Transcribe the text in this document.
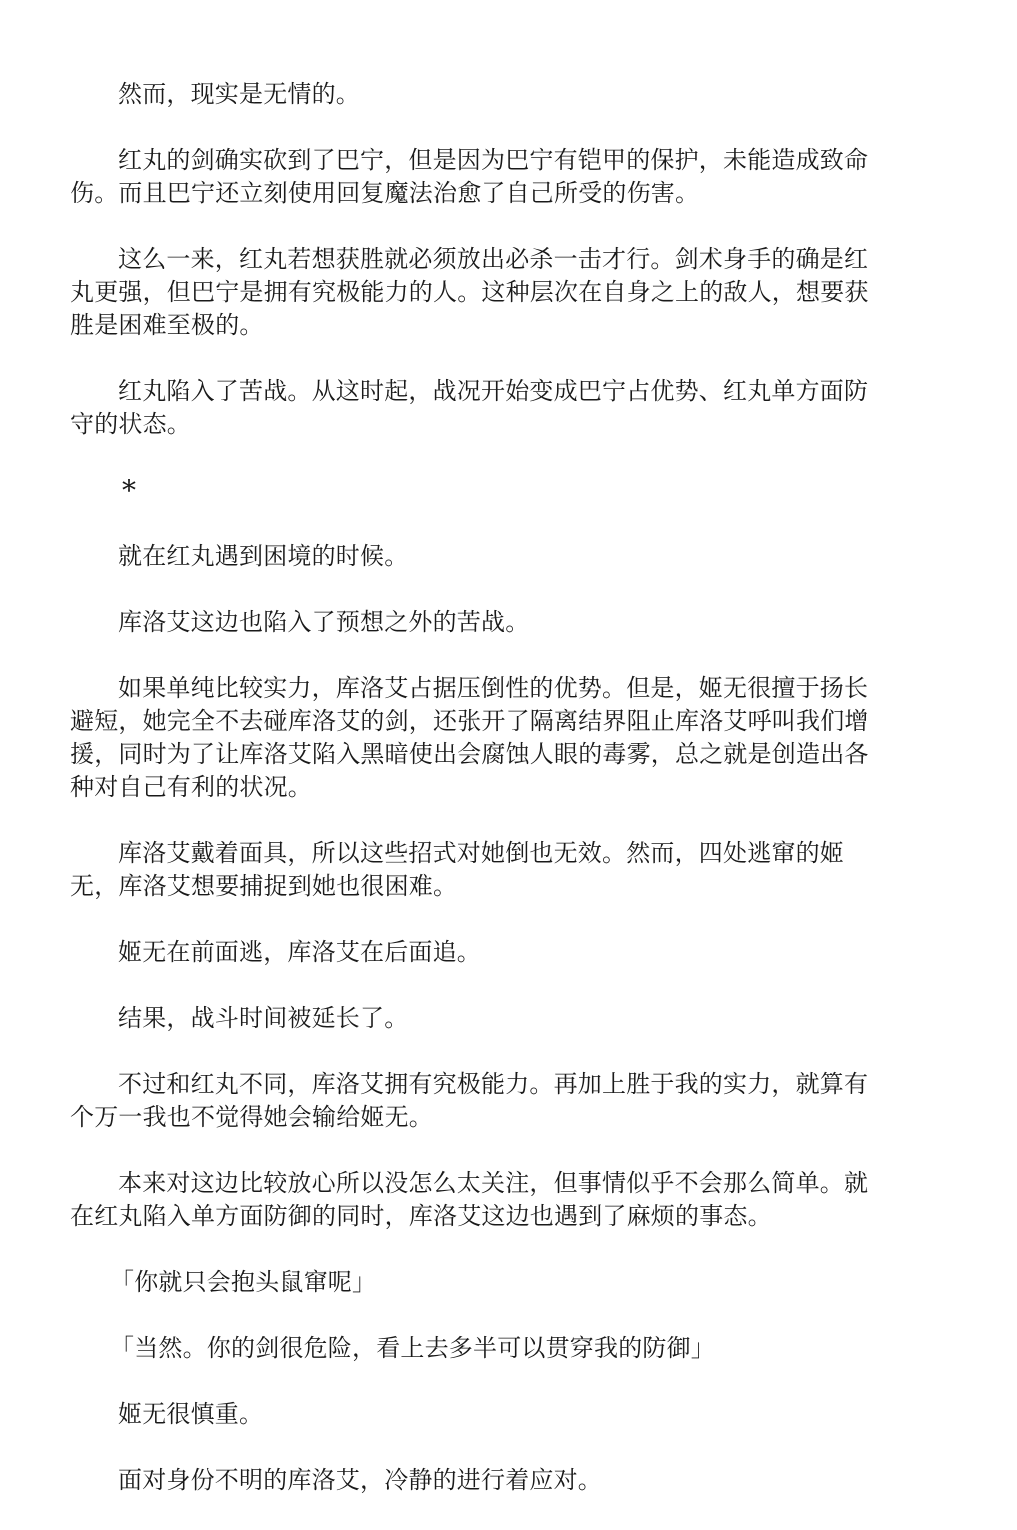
然而，现实是无情的。
红丸的剑确实砍到了巴宁，但是因为巴宁有铠甲的保护，未能造成致命
伤。而且巴宁还立刻使用回复魔法治愈了自己所受的伤害。
这么一来，红丸若想获胜就必须放出必杀一击才行。剑术身手的确是红
丸更强，但巴宁是拥有究极能力的人。这种层次在自身之上的敌人，想要获
胜是困难至极的。
红丸陷入了苦战。从这时起，战况开始变成巴宁占优势、红丸单方面防
守的状态。
*
就在红丸遇到困境的时候。
库洛艾这边也陷入了预想之外的苦战。
如果单纯比较实力，库洛艾占据压倒性的优势。但是，姬无很擅于扬长
避短，她完全不去碰库洛艾的剑，还张开了隔离结界阻止库洛艾呼叫我们增
援，同时为了让库洛艾陷入黑暗使出会腐蚀人眼的毒雾，总之就是创造出各
种对自己有利的状况。
库洛艾戴着面具，所以这些招式对她倒也无效。然而，四处逃窜的姬
无，库洛艾想要捕捉到她也很困难。
姬无在前面逃，库洛艾在后面追。
结果，战斗时间被延长了。
不过和红丸不同，库洛艾拥有究极能力。再加上胜于我的实力，就算有
个万一我也不觉得她会输给姬无。
本来对这边比较放心所以没怎么太关注，但事情似乎不会那么简单。就
在红丸陷入单方面防御的同时，库洛艾这边也遇到了麻烦的事态。
「你就只会抱头鼠窜呢」
「当然。你的剑很危险，看上去多半可以贯穿我的防御」
姬无很慎重。
面对身份不明的库洛艾，冷静的进行着应对。
